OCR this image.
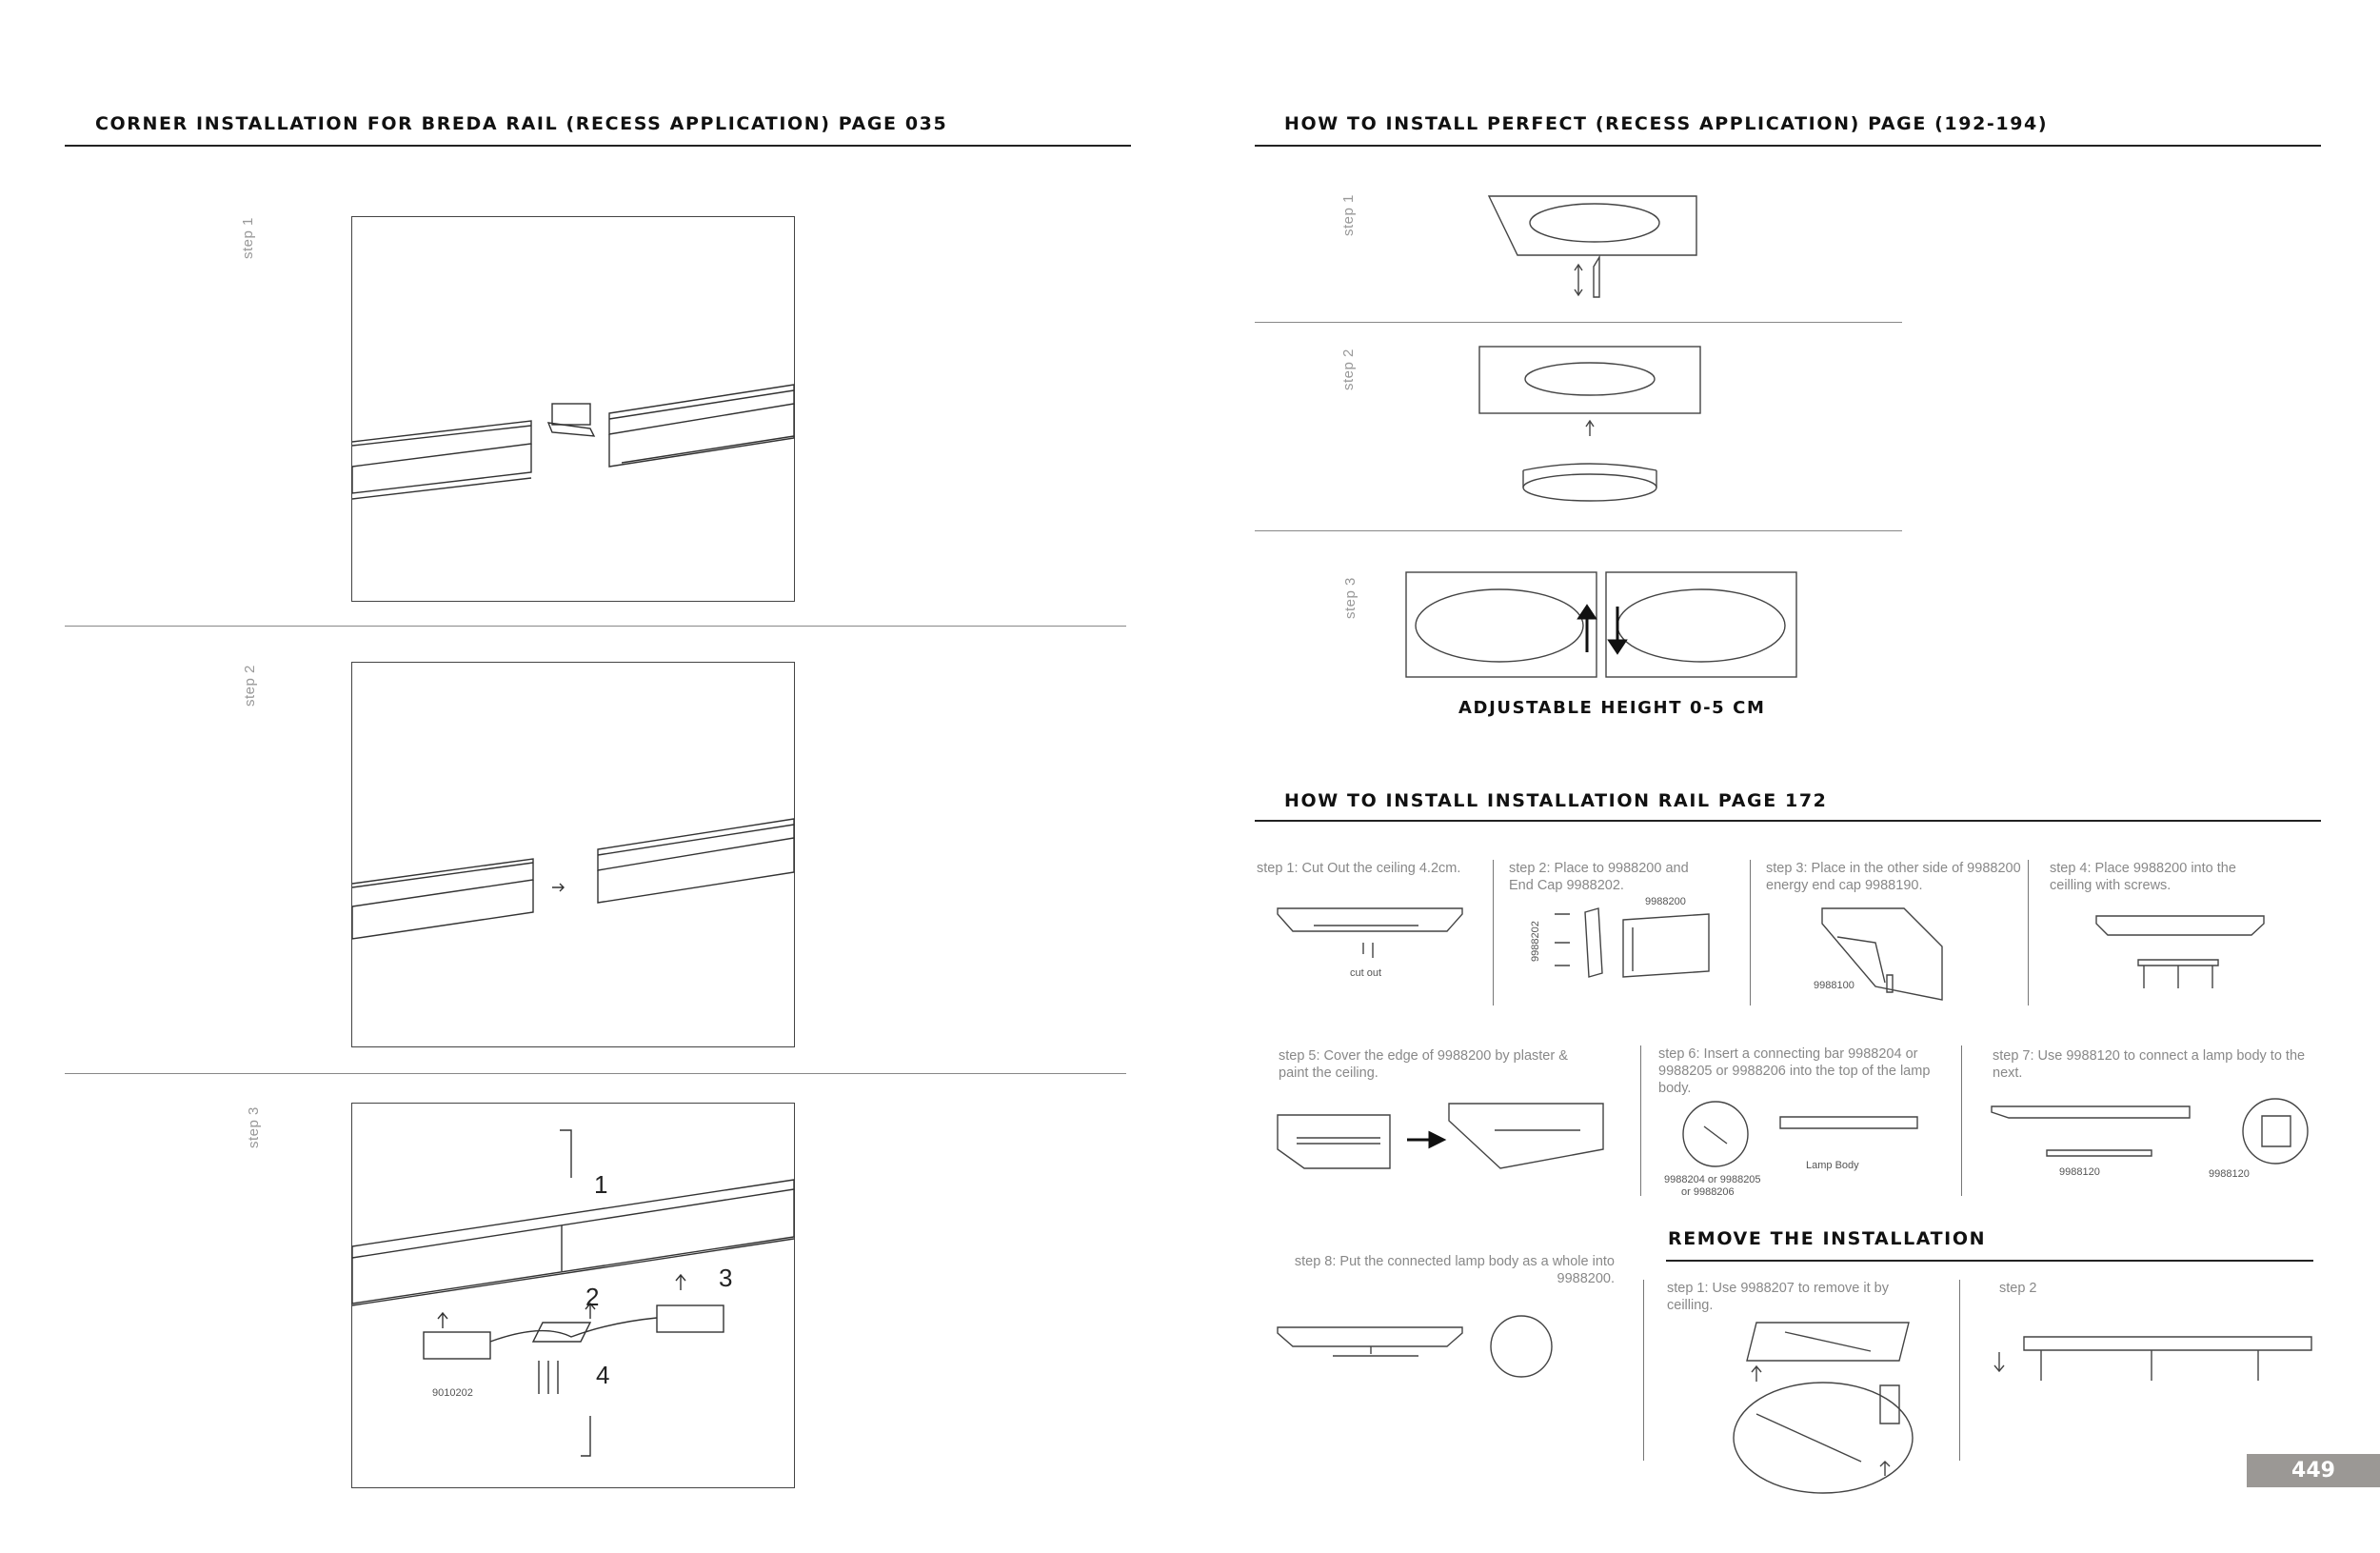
CORNER INSTALLATION FOR BREDA RAIL (RECESS APPLICATION) PAGE 035
step 1
step 2
step 3
1
2
3
4
9010202
HOW TO INSTALL PERFECT (RECESS APPLICATION) PAGE (192-194)
step 1
step 2
step 3
ADJUSTABLE HEIGHT 0-5 CM
HOW TO INSTALL INSTALLATION RAIL PAGE 172
step 1: Cut Out the ceiling 4.2cm.	step 2: Place to 9988200 and End Cap 9988202.
step 3: Place in the other side of 9988200 energy end cap 9988190.
step 4: Place 9988200 into the ceilling with screws.
cut out
9988200
9988202
9988100
step 5: Cover the edge of 9988200 by plaster & paint the ceiling.
step 6: Insert a connecting bar 9988204 or 9988205 or 9988206 into the top of the lamp body.
step 7: Use 9988120 to connect a lamp body to the next.
9988204 or 9988205
or 9988206
Lamp Body
9988120	9988120
step 8: Put the connected lamp body as a whole into 9988200.
REMOVE THE INSTALLATION
step 1: Use 9988207 to remove it by ceilling.
step 2
449
